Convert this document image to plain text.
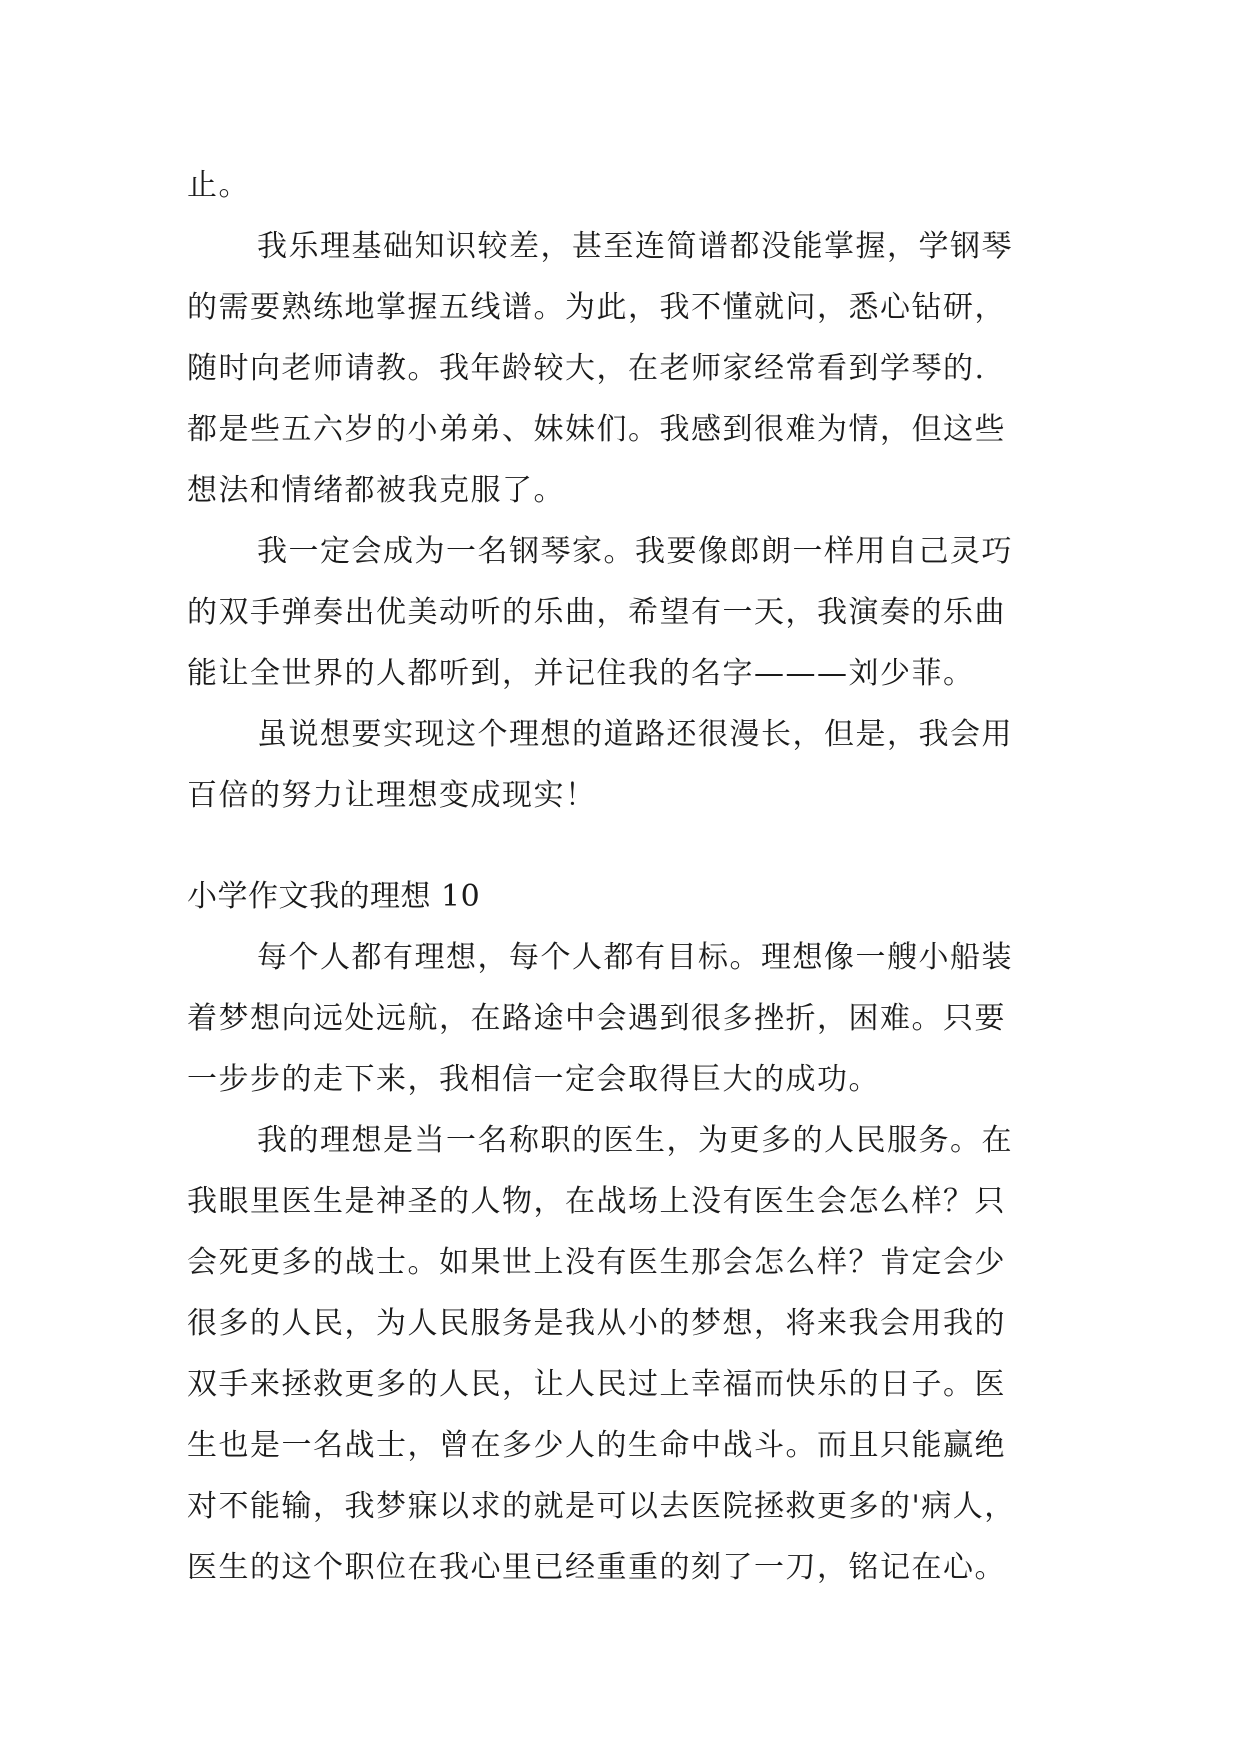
止。
我乐理基础知识较差，甚至连简谱都没能掌握，学钢琴
的需要熟练地掌握五线谱。为此，我不懂就问，悉心钻研，
随时向老师请教。我年龄较大，在老师家经常看到学琴的.
都是些五六岁的小弟弟、妹妹们。我感到很难为情，但这些
想法和情绪都被我克服了。
我一定会成为一名钢琴家。我要像郎朗一样用自己灵巧
的双手弹奏出优美动听的乐曲，希望有一天，我演奏的乐曲
能让全世界的人都听到，并记住我的名字———刘少菲。
虽说想要实现这个理想的道路还很漫长，但是，我会用
百倍的努力让理想变成现实！
小学作文我的理想 10
每个人都有理想，每个人都有目标。理想像一艘小船装
着梦想向远处远航，在路途中会遇到很多挫折，困难。只要
一步步的走下来，我相信一定会取得巨大的成功。
我的理想是当一名称职的医生，为更多的人民服务。在
我眼里医生是神圣的人物，在战场上没有医生会怎么样？只
会死更多的战士。如果世上没有医生那会怎么样？肯定会少
很多的人民，为人民服务是我从小的梦想，将来我会用我的
双手来拯救更多的人民，让人民过上幸福而快乐的日子。医
生也是一名战士，曾在多少人的生命中战斗。而且只能赢绝
对不能输，我梦寐以求的就是可以去医院拯救更多的'病人，
医生的这个职位在我心里已经重重的刻了一刀，铭记在心。
